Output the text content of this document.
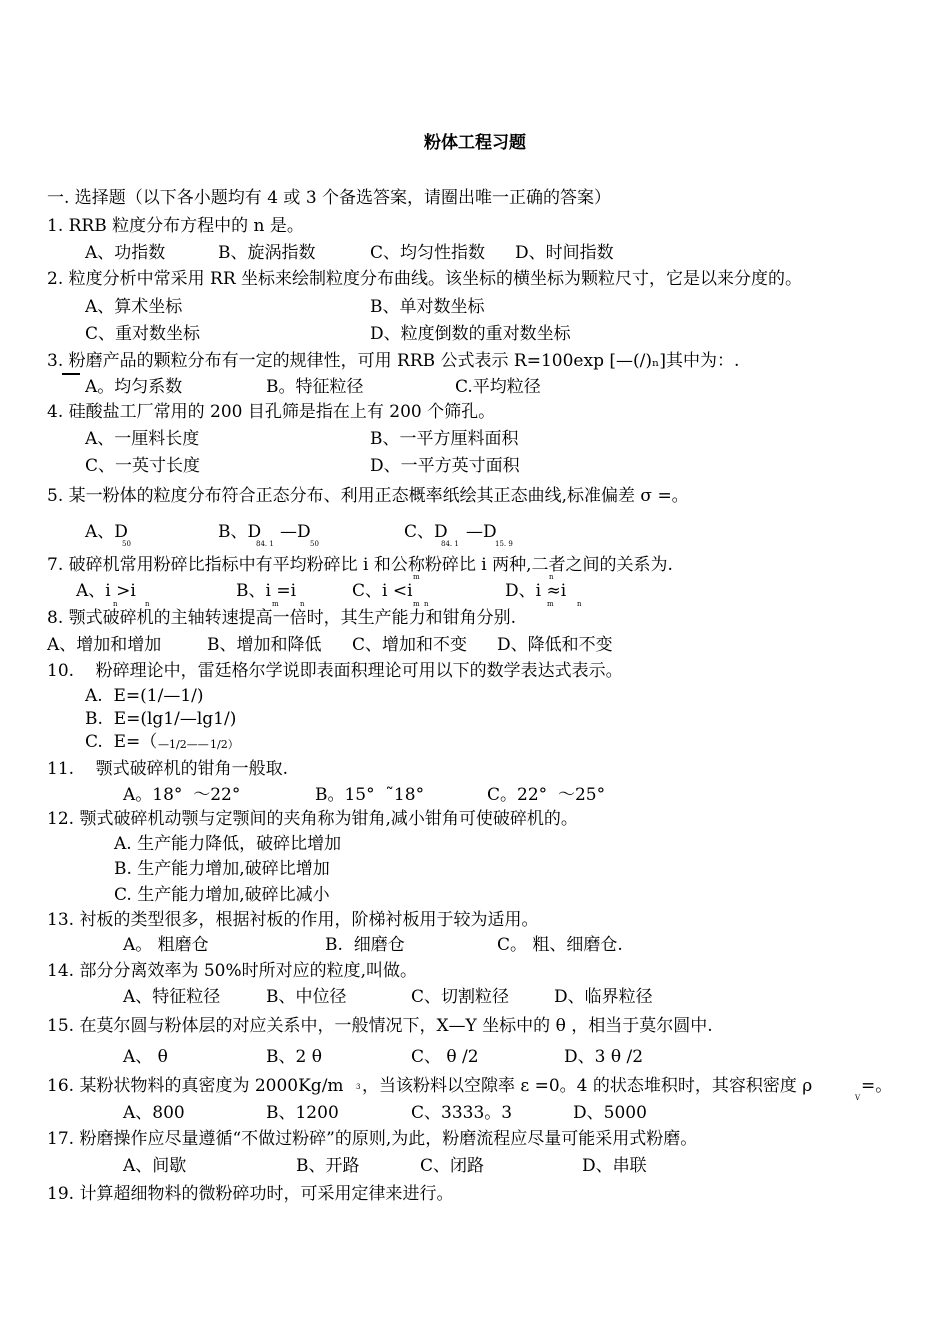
粉体工程习题
一. 选择题（以下各小题均有 4 或 3 个备选答案，请圈出唯一正确的答案）
1. RRB 粒度分布方程中的 n 是。
A、功指数	B、旋涡指数	C、均匀性指数 D、时间指数
2. 粒度分析中常采用 RR 坐标来绘制粒度分布曲线。该坐标的横坐标为颗粒尺寸，它是以来分度的。
A、算术坐标	B、单对数坐标
C、重对数坐标	D、粒度倒数的重对数坐标
3. 粉磨产品的颗粒分布有一定的规律性，可用 RRB 公式表示 R=100exp [—(/)ₙ]其中为：.
A。均匀系数	B。特征粒径	C.平均粒径
4. 硅酸盐工厂常用的 200 目孔筛是指在上有 200 个筛孔。
A、一厘料长度	B、一平方厘料面积
C、一英寸长度	D、一平方英寸面积
5. 某一粉体的粒度分布符合正态分布、利用正态概率纸绘其正态曲线,标准偏差 σ =。
A、D
50
B、D
84. 1
—D
50
C、D
84. 1
—D
15. 9
7. 破碎机常用粉碎比指标中有平均粉碎比 i 和公称粉碎比 i 两种,二者之间的关系为.
m	n
A、i >i	B、i =i	C、i <i	D、i ≈i
m	m
n	n	m	n	n	n
8. 颚式破碎机的主轴转速提高一倍时，其生产能力和钳角分别.
A、增加和增加	B、增加和降低 C、增加和不变 D、降低和不变
10.    粉碎理论中，雷廷格尔学说即表面积理论可用以下的数学表达式表示。
A.  E=(1/—1/)
B.  E=(lg1/—lg1/)
C.  E=（ —1/2—— 1/2）
11.    颚式破碎机的钳角一般取.
A。18°  ～22°	B。15°  ˜18°	C。22°  ～25°
12. 颚式破碎机动颚与定颚间的夹角称为钳角,减小钳角可使破碎机的。
A. 生产能力降低，破碎比增加
B. 生产能力增加,破碎比增加
C. 生产能力增加,破碎比减小
13. 衬板的类型很多，根据衬板的作用，阶梯衬板用于较为适用。
A。 粗磨仓	B.  细磨仓	C。 粗、细磨仓.
14. 部分分离效率为 50%时所对应的粒度,叫做。
A、特征粒径	B、中位径	C、切割粒径	D、临界粒径
15. 在莫尔圆与粉体层的对应关系中，一般情况下，X—Y 坐标中的 θ ，相当于莫尔圆中.
A、 θ	B、2 θ	C、 θ /2	D、3 θ /2
16. 某粉状物料的真密度为 2000Kg/m 3 ，当该粉料以空隙率 ε =0。4 的状态堆积时，其容积密度 ρ
V
=。
A、800	B、1200	C、3333。3	D、5000
17. 粉磨操作应尽量遵循“不做过粉碎”的原则,为此，粉磨流程应尽量可能采用式粉磨。
A、间歇	B、开路	C、闭路	D、串联
19. 计算超细物料的微粉碎功时，可采用定律来进行。
